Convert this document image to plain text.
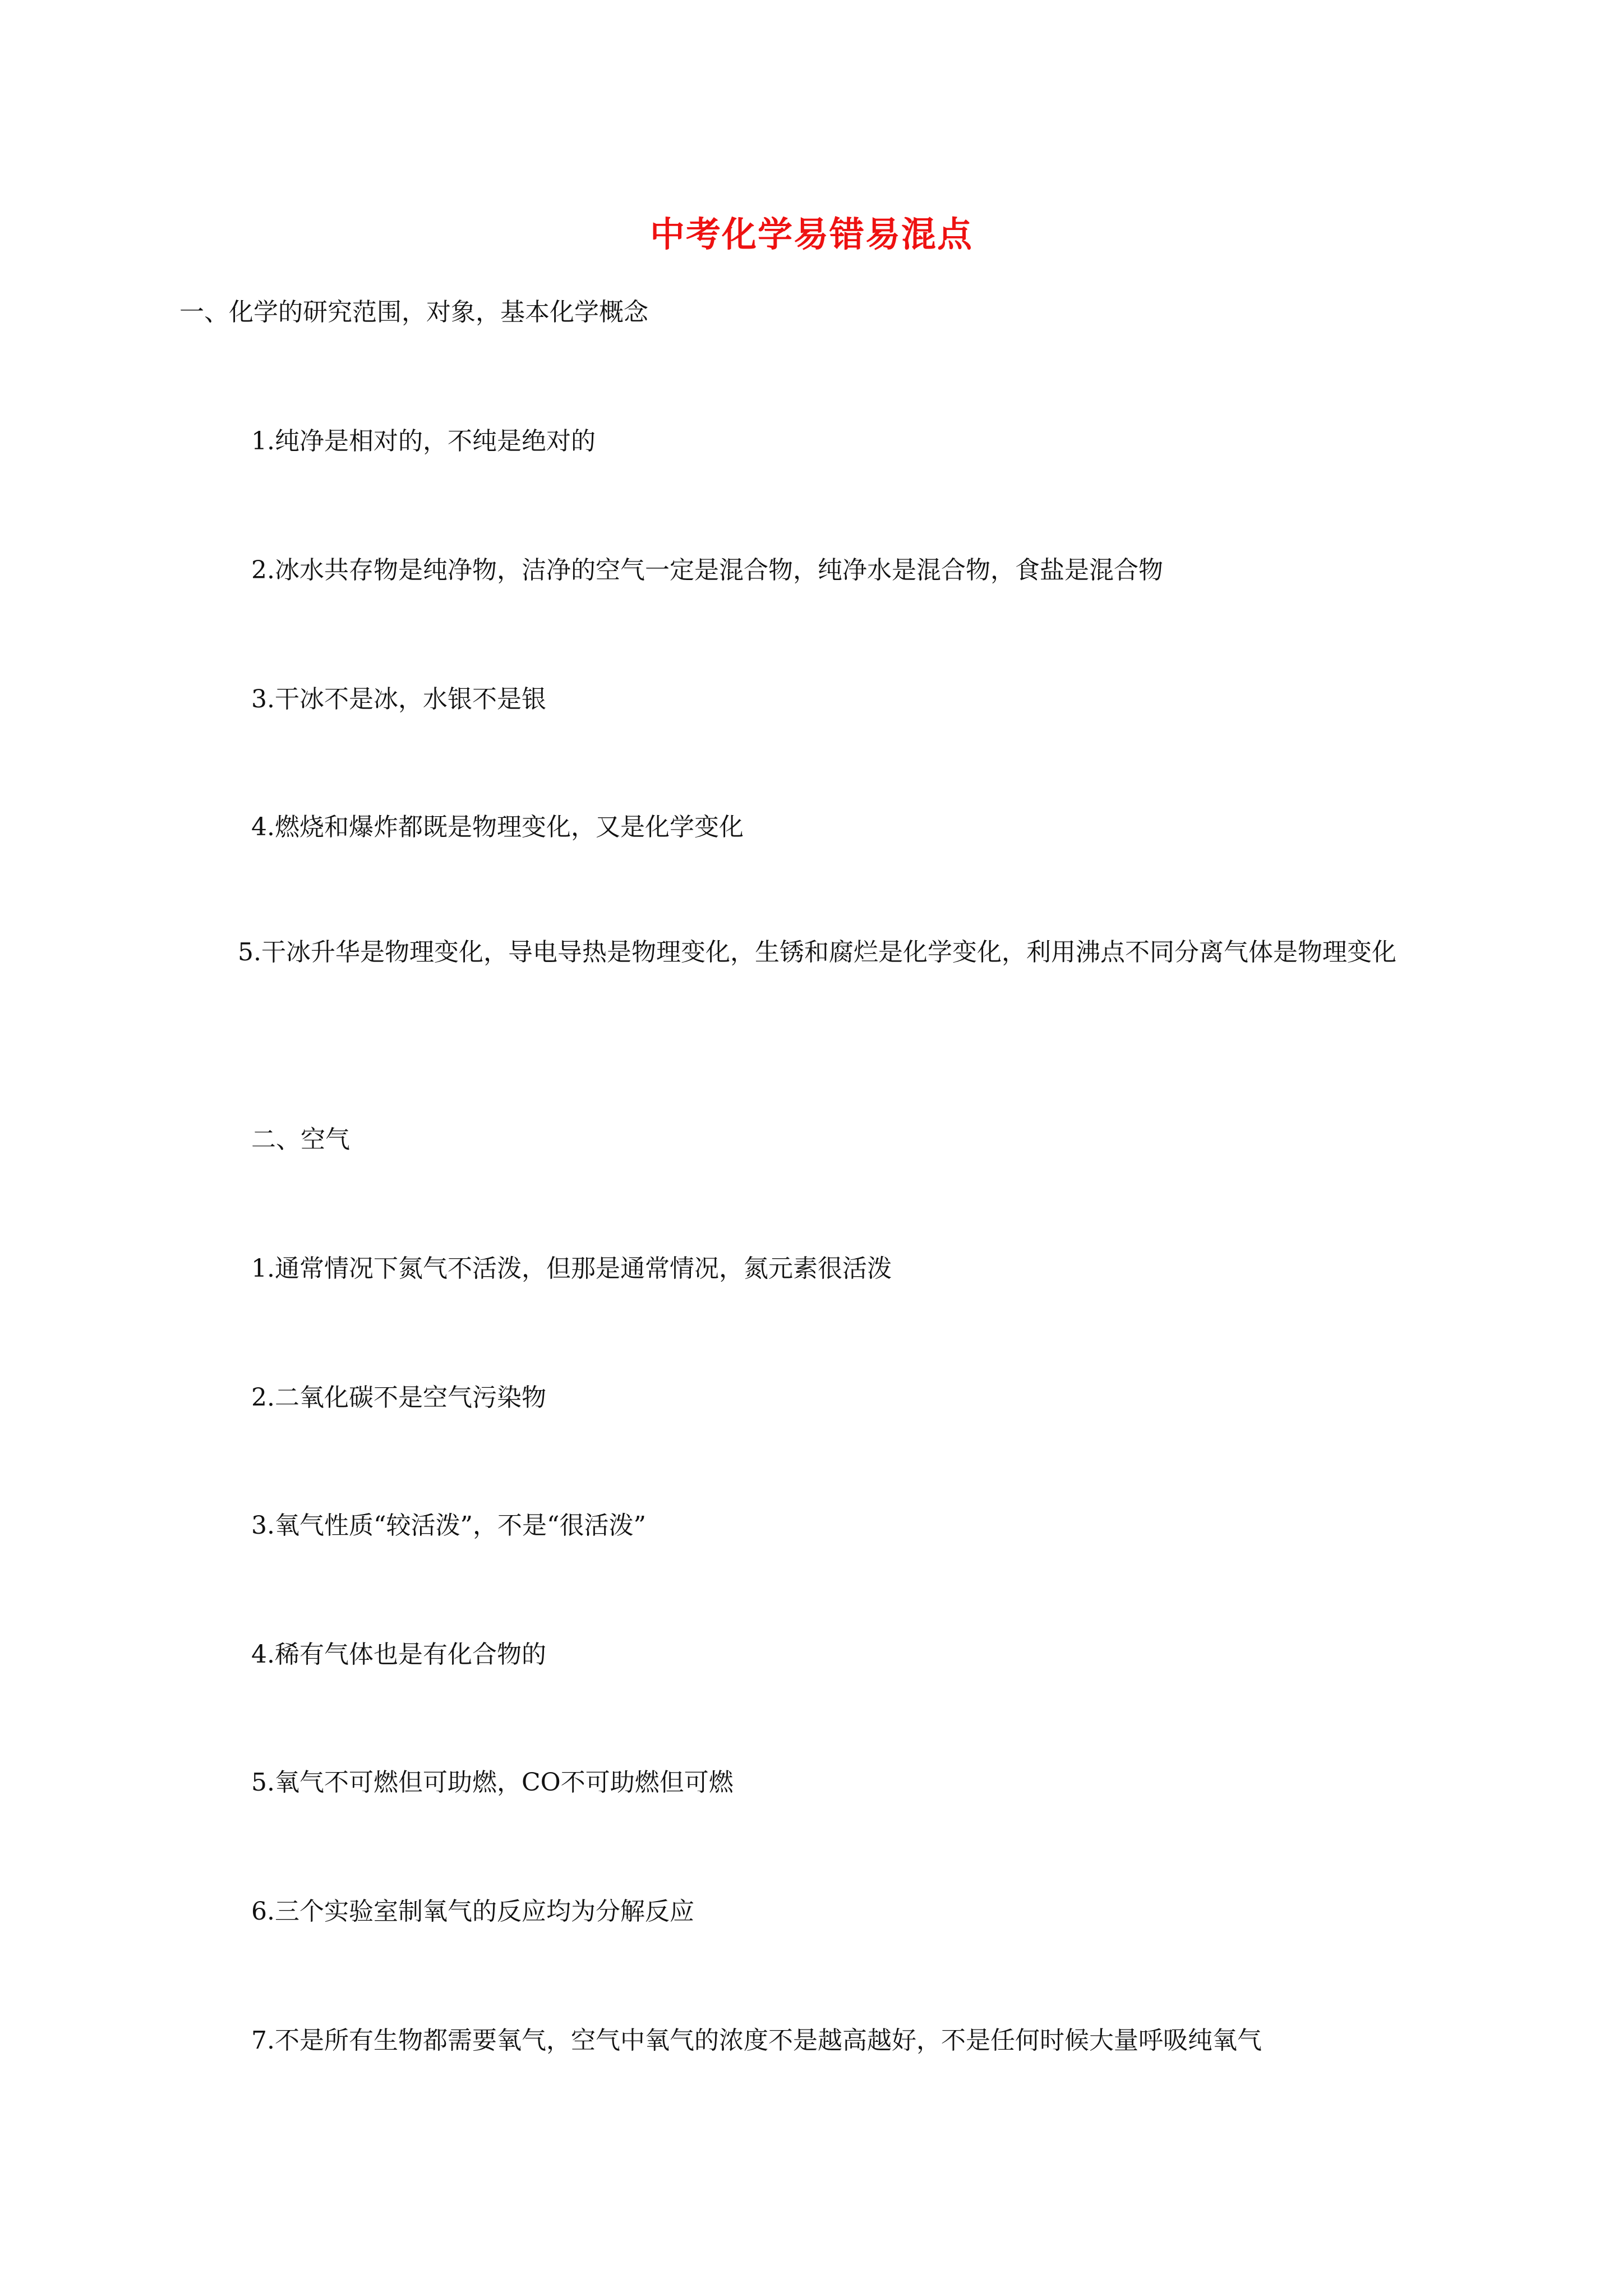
中考化学易错易混点
一、化学的研究范围，对象，基本化学概念
1.纯净是相对的，不纯是绝对的
2.冰水共存物是纯净物，洁净的空气一定是混合物，纯净水是混合物，食盐是混合物
3.干冰不是冰，水银不是银
4.燃烧和爆炸都既是物理变化，又是化学变化
5.干冰升华是物理变化，导电导热是物理变化，生锈和腐烂是化学变化，利用沸点不同分离气体是物理变化
二、空气
1.通常情况下氮气不活泼，但那是通常情况，氮元素很活泼
2.二氧化碳不是空气污染物
3.氧气性质“较活泼”，不是“很活泼”
4.稀有气体也是有化合物的
5.氧气不可燃但可助燃，CO不可助燃但可燃
6.三个实验室制氧气的反应均为分解反应
7.不是所有生物都需要氧气，空气中氧气的浓度不是越高越好，不是任何时候大量呼吸纯氧气
